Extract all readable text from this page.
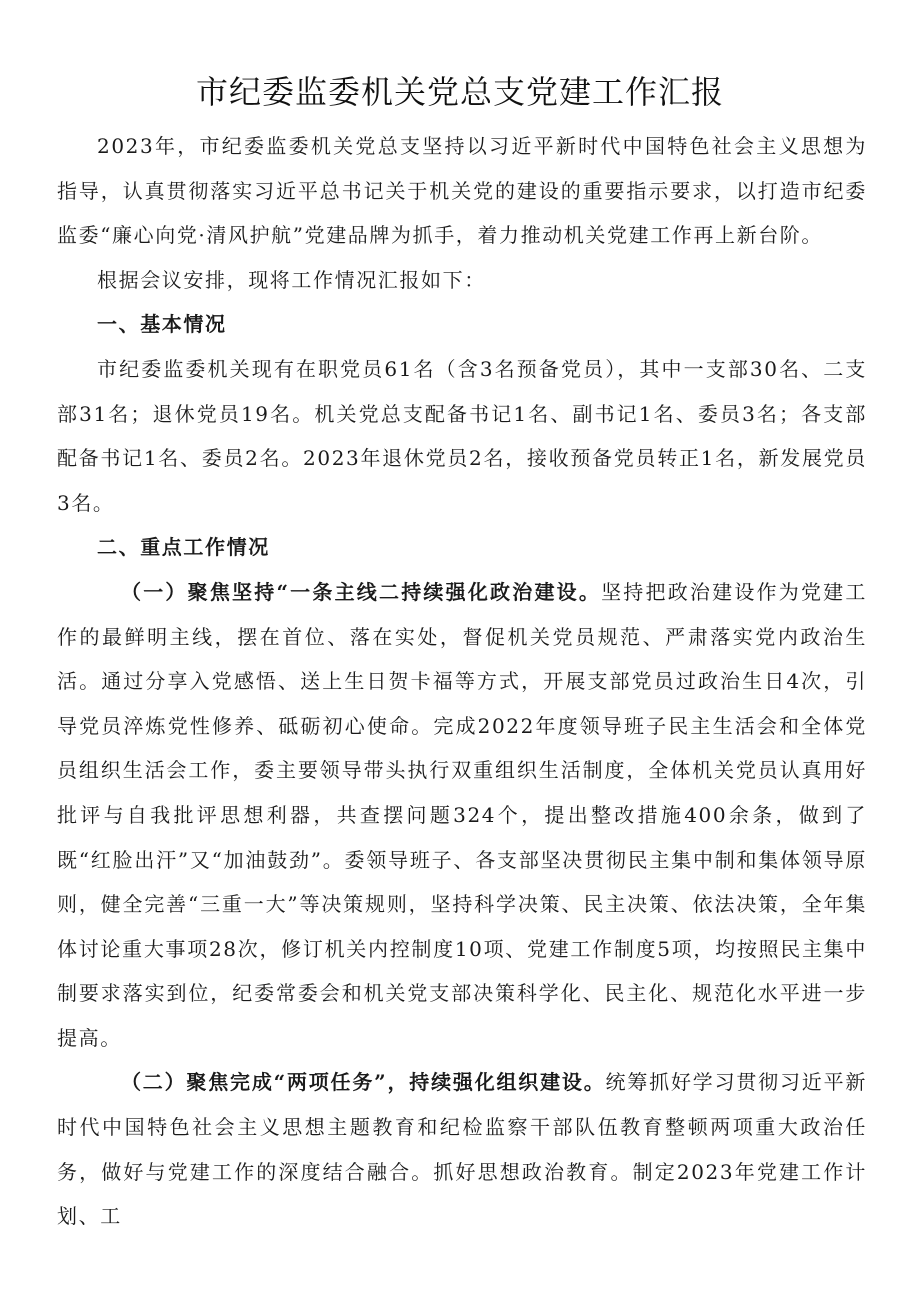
市纪委监委机关党总支党建工作汇报

2023年，市纪委监委机关党总支坚持以习近平新时代中国特色社会主义思想为指导，认真贯彻落实习近平总书记关于机关党的建设的重要指示要求，以打造市纪委监委“廉心向党·清风护航”党建品牌为抓手，着力推动机关党建工作再上新台阶。

根据会议安排，现将工作情况汇报如下：

一、基本情况

市纪委监委机关现有在职党员61名（含3名预备党员），其中一支部30名、二支部31名；退休党员19名。机关党总支配备书记1名、副书记1名、委员3名；各支部配备书记1名、委员2名。2023年退休党员2名，接收预备党员转正1名，新发展党员3名。

二、重点工作情况

（一）聚焦坚持“一条主线二持续强化政治建设。坚持把政治建设作为党建工作的最鲜明主线，摆在首位、落在实处，督促机关党员规范、严肃落实党内政治生活。通过分享入党感悟、送上生日贺卡福等方式，开展支部党员过政治生日4次，引导党员淬炼党性修养、砥砺初心使命。完成2022年度领导班子民主生活会和全体党员组织生活会工作，委主要领导带头执行双重组织生活制度，全体机关党员认真用好批评与自我批评思想利器，共查摆问题324个，提出整改措施400余条，做到了既“红脸出汗”又“加油鼓劲”。委领导班子、各支部坚决贯彻民主集中制和集体领导原则，健全完善“三重一大”等决策规则，坚持科学决策、民主决策、依法决策，全年集体讨论重大事项28次，修订机关内控制度10项、党建工作制度5项，均按照民主集中制要求落实到位，纪委常委会和机关党支部决策科学化、民主化、规范化水平进一步提高。

（二）聚焦完成“两项任务”，持续强化组织建设。统筹抓好学习贯彻习近平新时代中国特色社会主义思想主题教育和纪检监察干部队伍教育整顿两项重大政治任务，做好与党建工作的深度结合融合。抓好思想政治教育。制定2023年党建工作计划、工
